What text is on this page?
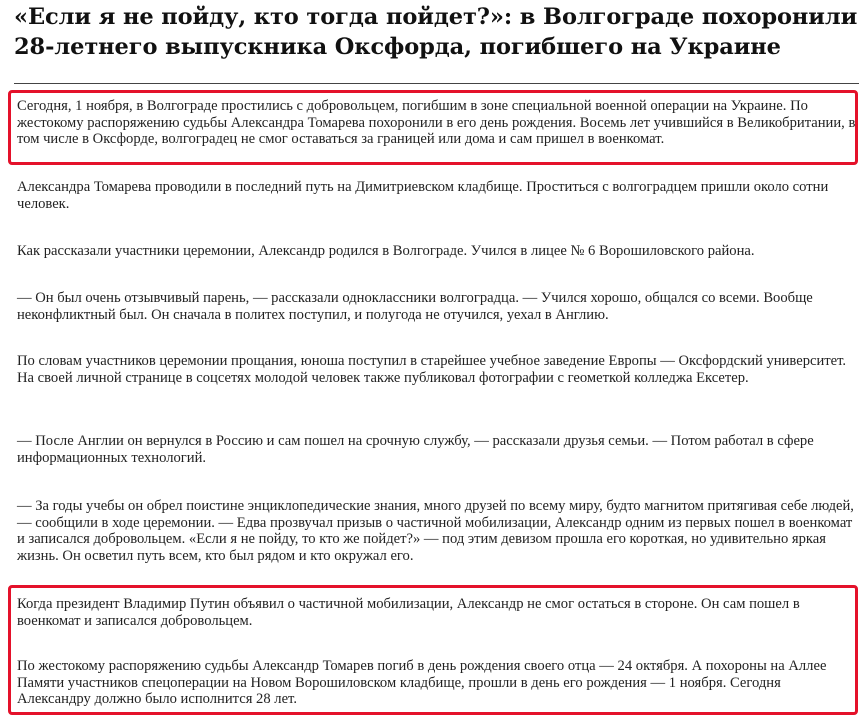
«Если я не пойду, кто тогда пойдет?»: в Волгограде похоронили 28-летнего выпускника Оксфорда, погибшего на Украине

Сегодня, 1 ноября, в Волгограде простились с добровольцем, погибшим в зоне специальной военной операции на Украине. По жестокому распоряжению судьбы Александра Томарева похоронили в его день рождения. Восемь лет учившийся в Великобритании, в том числе в Оксфорде, волгоградец не смог оставаться за границей или дома и сам пришел в военкомат.

Александра Томарева проводили в последний путь на Димитриевском кладбище. Проститься с волгоградцем пришли около сотни человек.

Как рассказали участники церемонии, Александр родился в Волгограде. Учился в лицее № 6 Ворошиловского района.

— Он был очень отзывчивый парень, — рассказали одноклассники волгоградца. — Учился хорошо, общался со всеми. Вообще неконфликтный был. Он сначала в политех поступил, и полугода не отучился, уехал в Англию.

По словам участников церемонии прощания, юноша поступил в старейшее учебное заведение Европы — Оксфордский университет. На своей личной странице в соцсетях молодой человек также публиковал фотографии с геометкой колледжа Ексетер.

— После Англии он вернулся в Россию и сам пошел на срочную службу, — рассказали друзья семьи. — Потом работал в сфере информационных технологий.

— За годы учебы он обрел поистине энциклопедические знания, много друзей по всему миру, будто магнитом притягивая себе людей, — сообщили в ходе церемонии. — Едва прозвучал призыв о частичной мобилизации, Александр одним из первых пошел в военкомат и записался добровольцем. «Если я не пойду, то кто же пойдет?» — под этим девизом прошла его короткая, но удивительно яркая жизнь. Он осветил путь всем, кто был рядом и кто окружал его.

Когда президент Владимир Путин объявил о частичной мобилизации, Александр не смог остаться в стороне. Он сам пошел в военкомат и записался добровольцем.

По жестокому распоряжению судьбы Александр Томарев погиб в день рождения своего отца — 24 октября. А похороны на Аллее Памяти участников спецоперации на Новом Ворошиловском кладбище, прошли в день его рождения — 1 ноября. Сегодня Александру должно было исполнится 28 лет.
